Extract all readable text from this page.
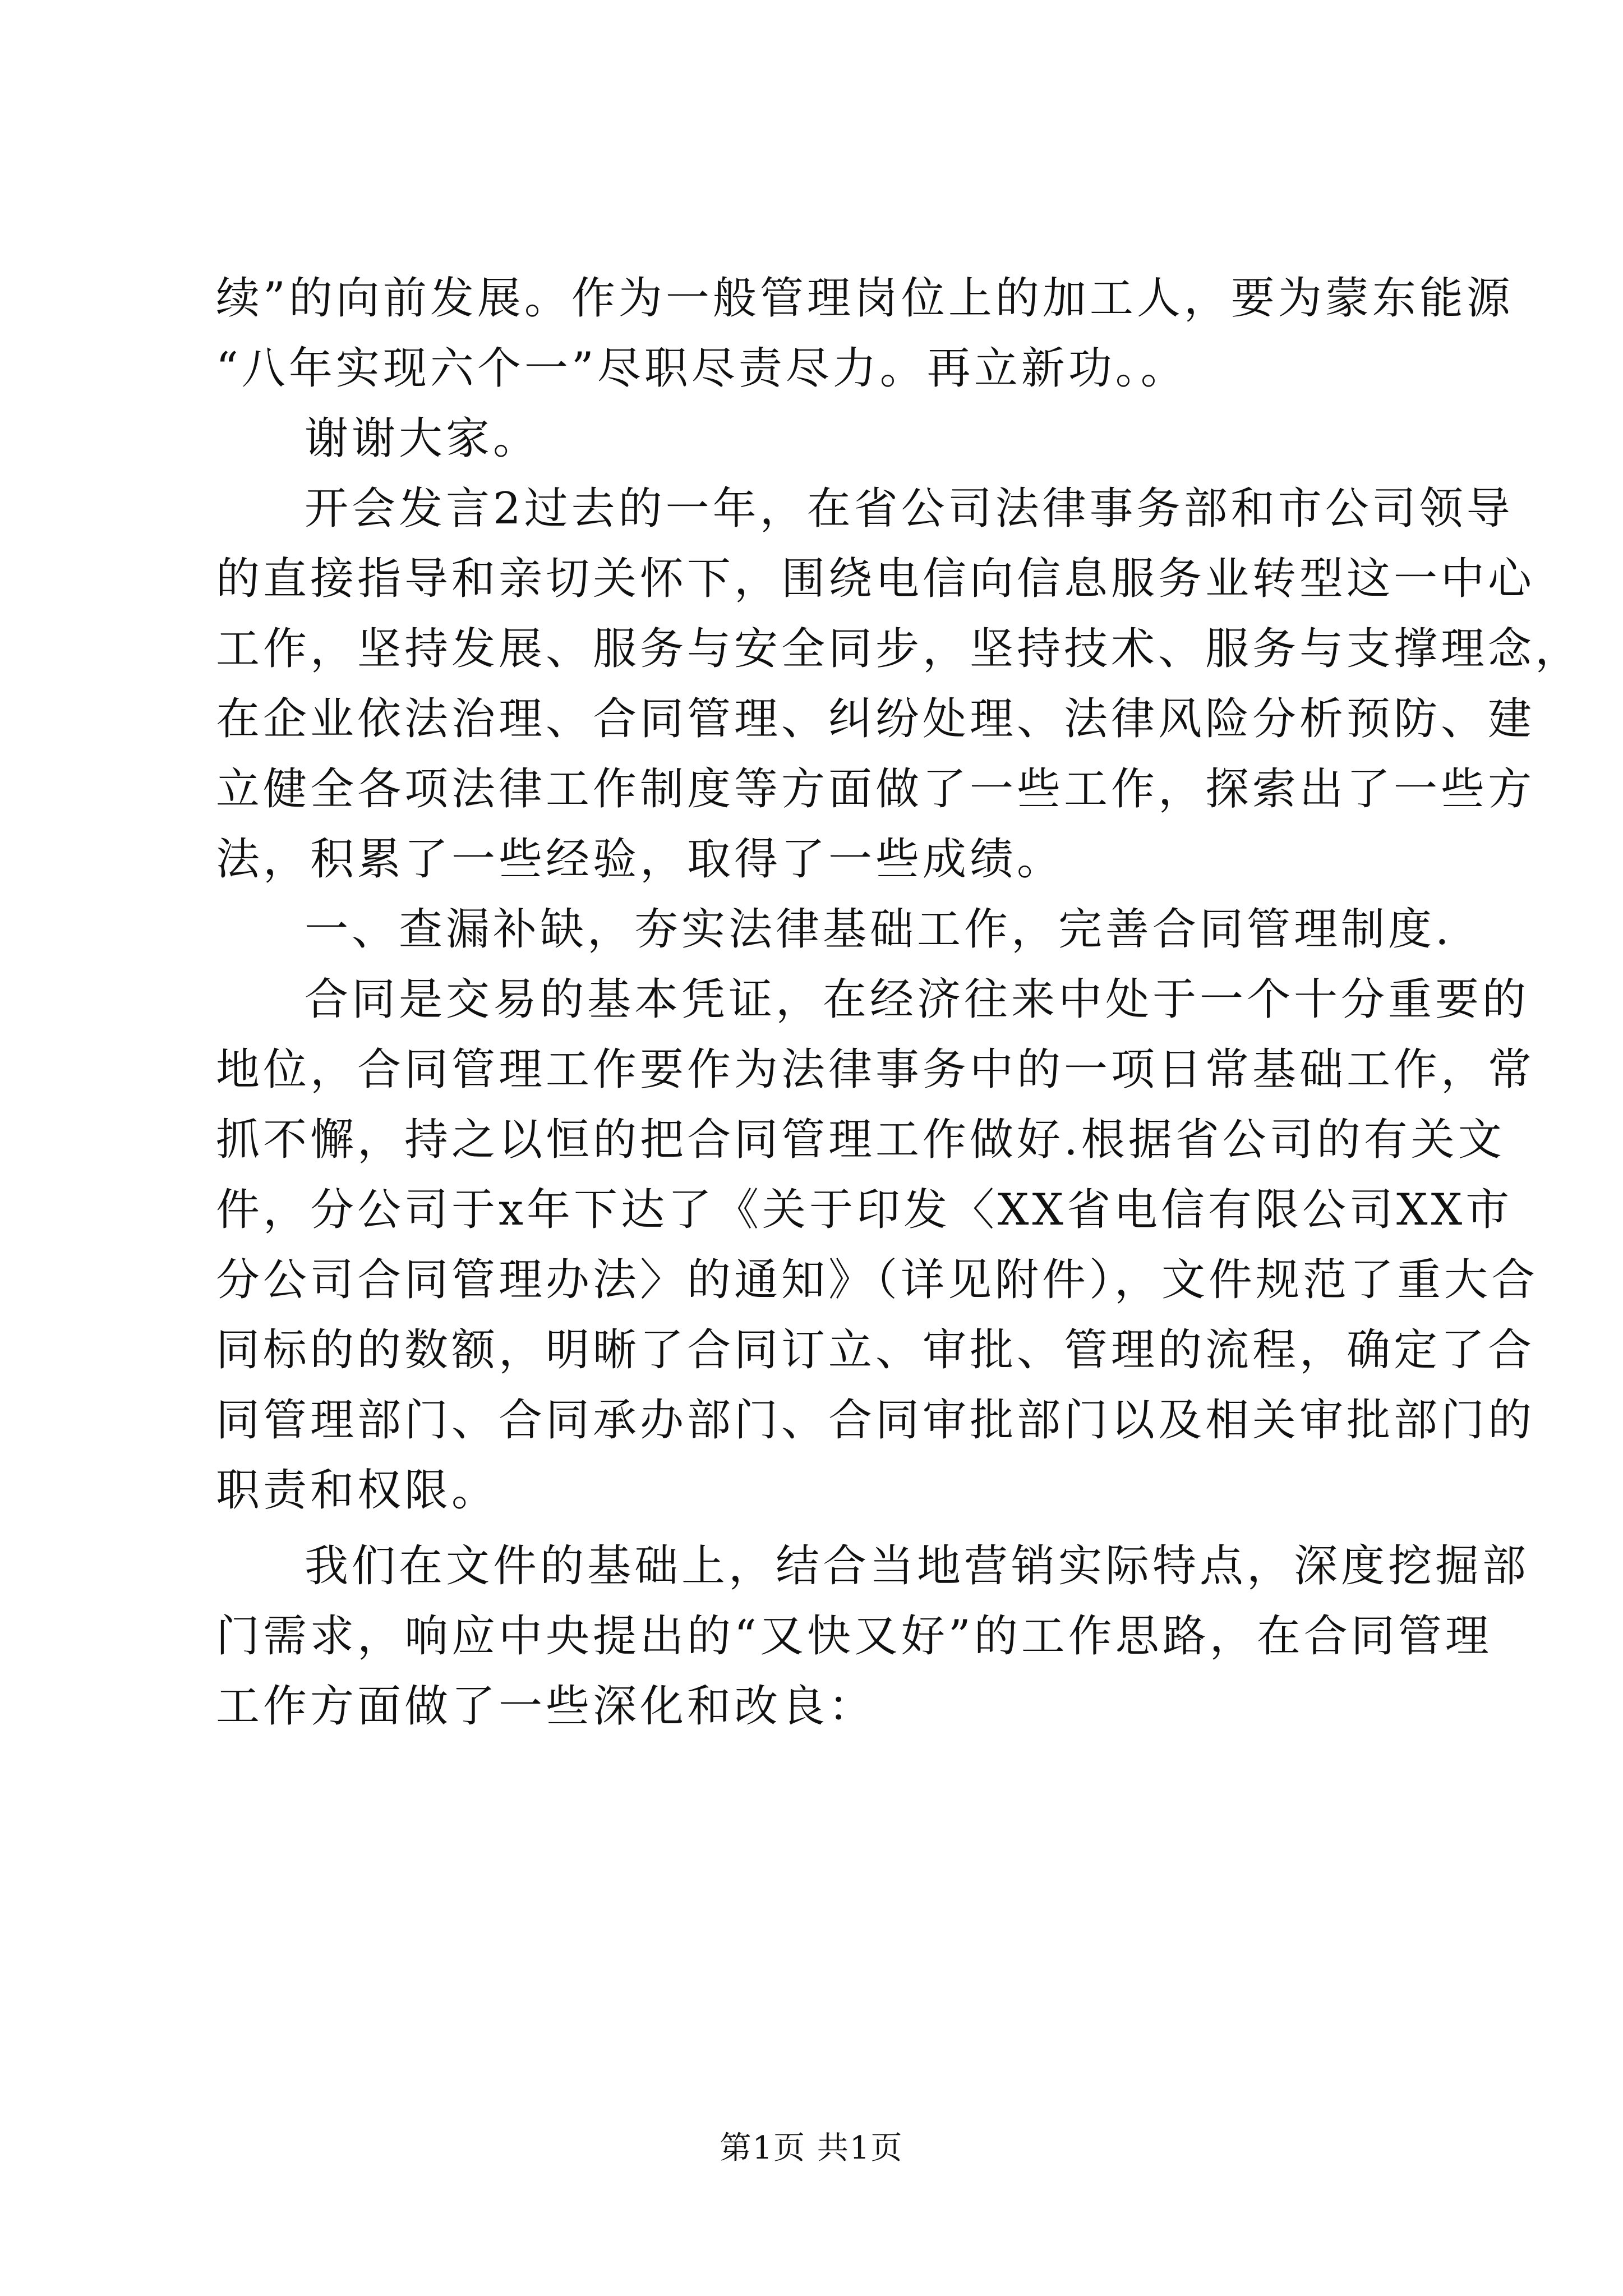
续”的向前发展。作为一般管理岗位上的加工人，要为蒙东能源
“八年实现六个一”尽职尽责尽力。再立新功。。
谢谢大家。
开会发言2过去的一年，在省公司法律事务部和市公司领导
的直接指导和亲切关怀下，围绕电信向信息服务业转型这一中心
工作，坚持发展、服务与安全同步，坚持技术、服务与支撑理念，
在企业依法治理、合同管理、纠纷处理、法律风险分析预防、建
立健全各项法律工作制度等方面做了一些工作，探索出了一些方
法，积累了一些经验，取得了一些成绩。
一、查漏补缺，夯实法律基础工作，完善合同管理制度.
合同是交易的基本凭证，在经济往来中处于一个十分重要的
地位，合同管理工作要作为法律事务中的一项日常基础工作，常
抓不懈，持之以恒的把合同管理工作做好.根据省公司的有关文
件，分公司于x年下达了《关于印发〈XX省电信有限公司XX市
分公司合同管理办法〉的通知》（详见附件），文件规范了重大合
同标的的数额，明晰了合同订立、审批、管理的流程，确定了合
同管理部门、合同承办部门、合同审批部门以及相关审批部门的
职责和权限。
我们在文件的基础上，结合当地营销实际特点，深度挖掘部
门需求，响应中央提出的“又快又好”的工作思路，在合同管理
工作方面做了一些深化和改良：
第1页 共1页
